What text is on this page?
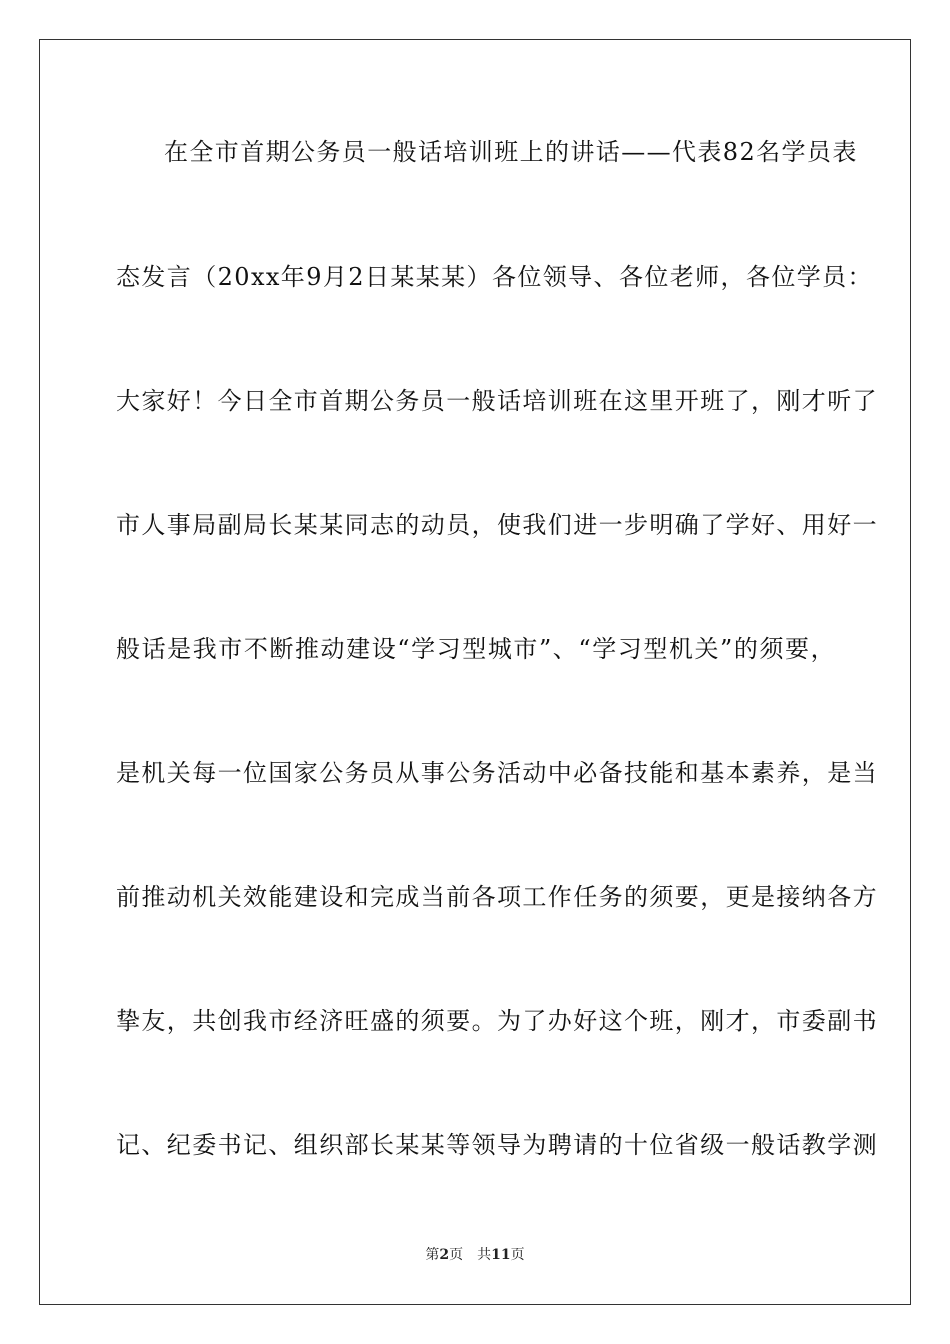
在全市首期公务员一般话培训班上的讲话——代表82名学员表
态发言（20xx年9月2日某某某）各位领导、各位老师，各位学员：
大家好！今日全市首期公务员一般话培训班在这里开班了，刚才听了
市人事局副局长某某同志的动员，使我们进一步明确了学好、用好一
般话是我市不断推动建设“学习型城市”、“学习型机关”的须要，
是机关每一位国家公务员从事公务活动中必备技能和基本素养，是当
前推动机关效能建设和完成当前各项工作任务的须要，更是接纳各方
挚友，共创我市经济旺盛的须要。为了办好这个班，刚才，市委副书
记、纪委书记、组织部长某某等领导为聘请的十位省级一般话教学测
第2页 共11页
